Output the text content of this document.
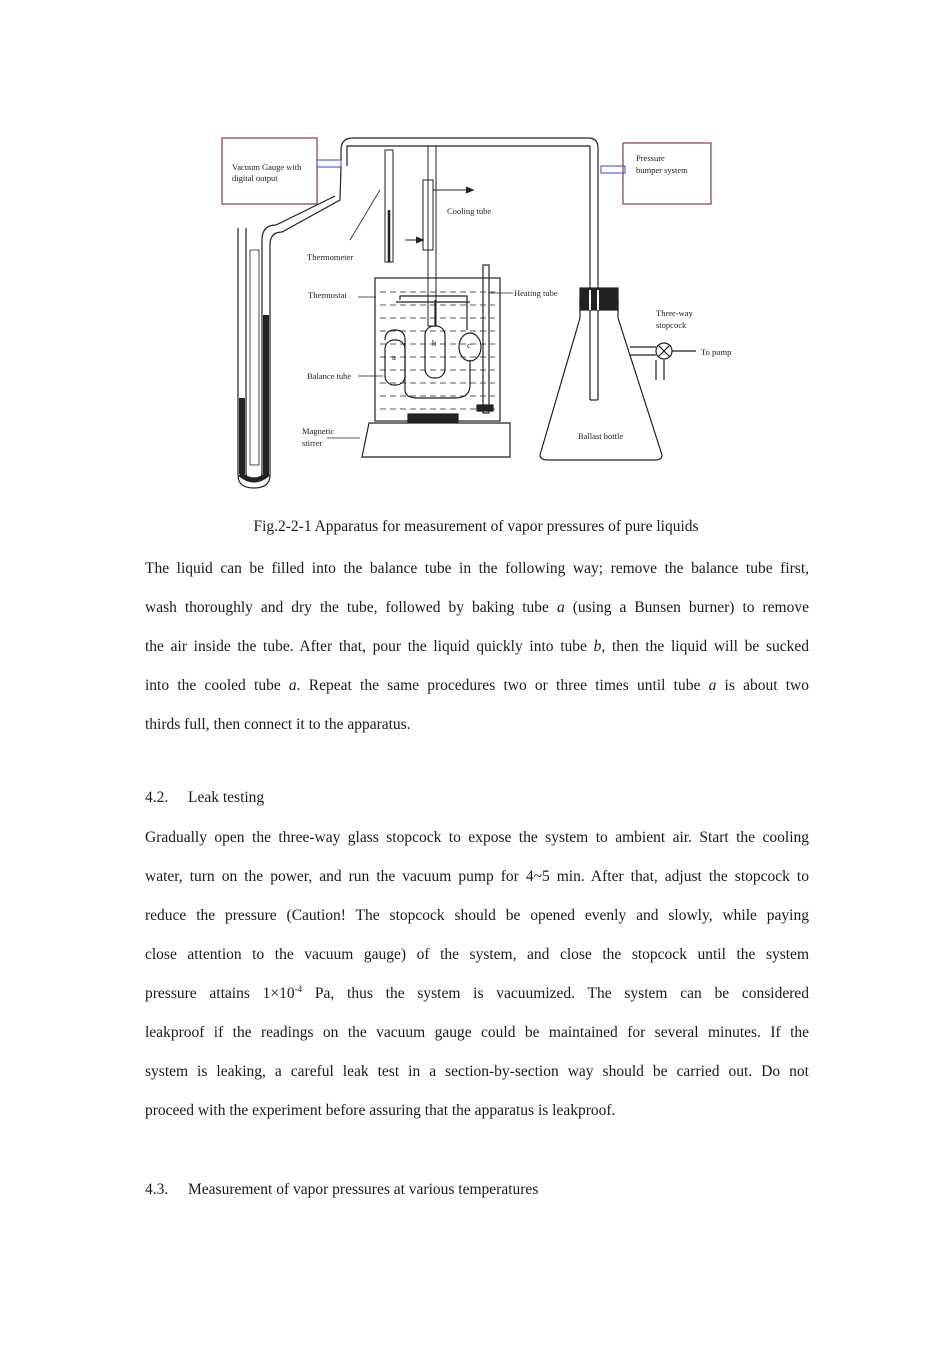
Vacuum Gauge with
digital output
Pressure
bumper system
Cooling tube
Thermometer
Thermostat	Heating tube
Three-way
stopcock
To pump
Balance tube
Magnetic
stirrer
Ballast bottle
a
b	c
Fig.2-2-1 Apparatus for measurement of vapor pressures of pure liquids
The liquid can be filled into the balance tube in the following way; remove the balance tube first,
wash thoroughly and dry the tube, followed by baking tube a (using a Bunsen burner) to remove
the air inside the tube. After that, pour the liquid quickly into tube b, then the liquid will be sucked
into the cooled tube a. Repeat the same procedures two or three times until tube a is about two
thirds full, then connect it to the apparatus.
4.2. Leak testing
Gradually open the three-way glass stopcock to expose the system to ambient air. Start the cooling
water, turn on the power, and run the vacuum pump for 4~5 min. After that, adjust the stopcock to
reduce the pressure (Caution! The stopcock should be opened evenly and slowly, while paying
close attention to the vacuum gauge) of the system, and close the stopcock until the system
pressure attains $1\times 10^{-4}$ Pa, thus the system is vacuumized. The system can be considered
leakproof if the readings on the vacuum gauge could be maintained for several minutes. If the
system is leaking, a careful leak test in a section-by-section way should be carried out. Do not
proceed with the experiment before assuring that the apparatus is leakproof.
4.3. Measurement of vapor pressures at various temperatures
